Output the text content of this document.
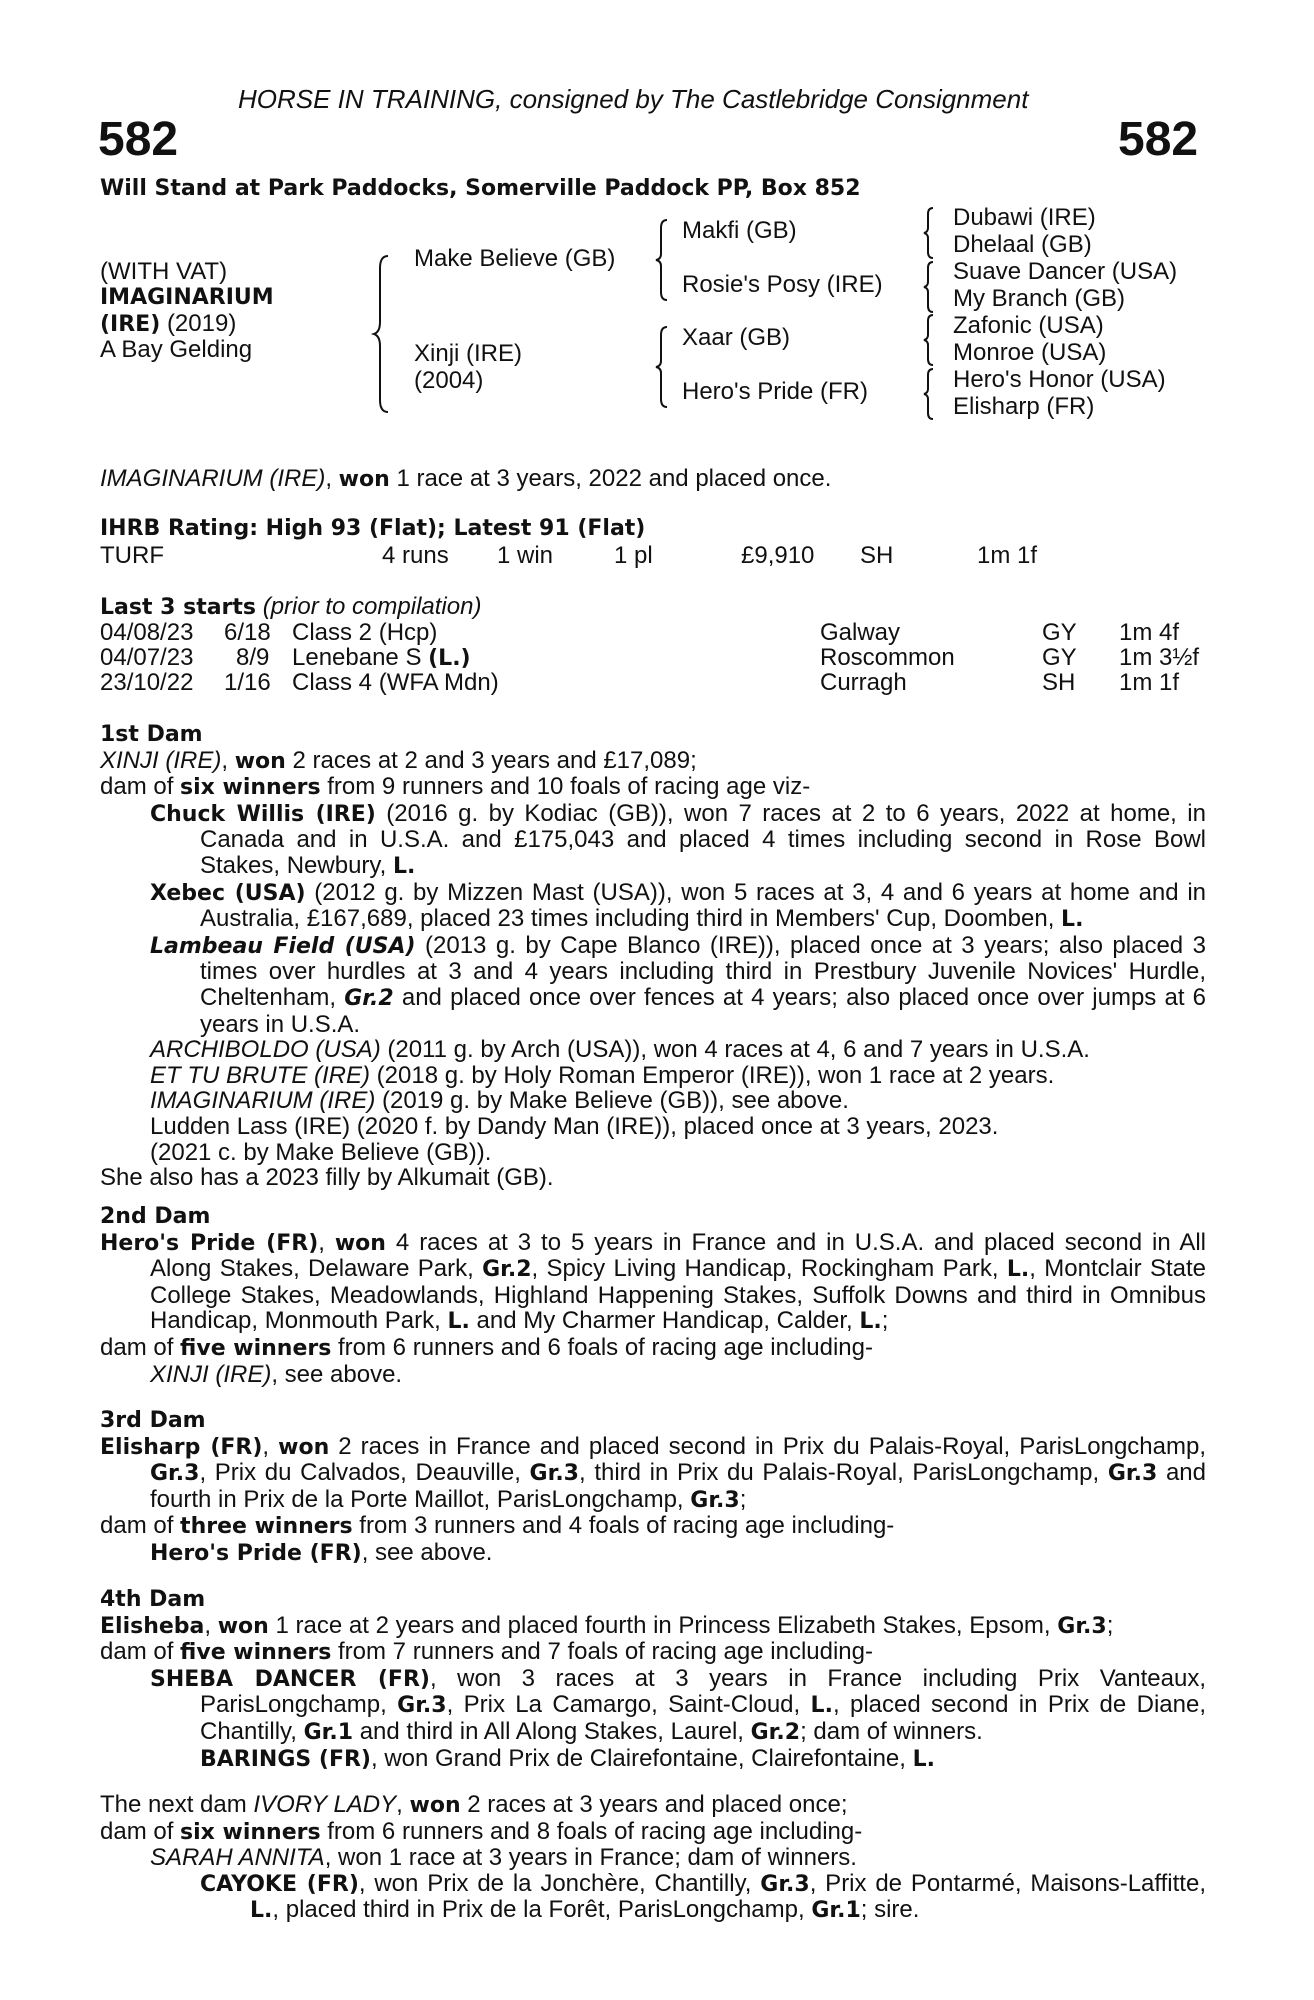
HORSE IN TRAINING, consigned by The Castlebridge Consignment
582	582
Will Stand at Park Paddocks, Somerville Paddock PP, Box 852
(WITH VAT)
IMAGINARIUM
(IRE) (2019)
A Bay Gelding
Make Believe (GB)
Xinji (IRE)
(2004)
Makfi (GB)
Rosie's Posy (IRE)
Xaar (GB)
Hero's Pride (FR)
Dubawi (IRE)
Dhelaal (GB)
Suave Dancer (USA)
My Branch (GB)
Zafonic (USA)
Monroe (USA)
Hero's Honor (USA)
Elisharp (FR)
IMAGINARIUM (IRE), won 1 race at 3 years, 2022 and placed once.
IHRB Rating: High 93 (Flat); Latest 91 (Flat)
TURF	4 runs 1 win	1 pl	£9,910 SH	1m 1f
Last 3 starts (prior to compilation)
04/08/23 6/18 Class 2 (Hcp)	Galway	GY 1m 4f
04/07/23 8/9 Lenebane S (L.)	Roscommon	GY 1m 3½f
23/10/22 1/16 Class 4 (WFA Mdn)	Curragh	SH 1m 1f
1st Dam
XINJI (IRE), won 2 races at 2 and 3 years and £17,089;
dam of six winners from 9 runners and 10 foals of racing age viz-
Chuck Willis (IRE) (2016 g. by Kodiac (GB)), won 7 races at 2 to 6 years, 2022 at home, in Canada and in U.S.A. and £175,043 and placed 4 times including second in Rose Bowl Stakes, Newbury, L.
Xebec (USA) (2012 g. by Mizzen Mast (USA)), won 5 races at 3, 4 and 6 years at home and in Australia, £167,689, placed 23 times including third in Members' Cup, Doomben, L.
Lambeau Field (USA) (2013 g. by Cape Blanco (IRE)), placed once at 3 years; also placed 3 times over hurdles at 3 and 4 years including third in Prestbury Juvenile Novices' Hurdle, Cheltenham, Gr.2 and placed once over fences at 4 years; also placed once over jumps at 6 years in U.S.A.
ARCHIBOLDO (USA) (2011 g. by Arch (USA)), won 4 races at 4, 6 and 7 years in U.S.A.
ET TU BRUTE (IRE) (2018 g. by Holy Roman Emperor (IRE)), won 1 race at 2 years.
IMAGINARIUM (IRE) (2019 g. by Make Believe (GB)), see above.
Ludden Lass (IRE) (2020 f. by Dandy Man (IRE)), placed once at 3 years, 2023.
(2021 c. by Make Believe (GB)).
She also has a 2023 filly by Alkumait (GB).
2nd Dam
Hero's Pride (FR), won 4 races at 3 to 5 years in France and in U.S.A. and placed second in All Along Stakes, Delaware Park, Gr.2, Spicy Living Handicap, Rockingham Park, L., Montclair State College Stakes, Meadowlands, Highland Happening Stakes, Suffolk Downs and third in Omnibus Handicap, Monmouth Park, L. and My Charmer Handicap, Calder, L.;
dam of five winners from 6 runners and 6 foals of racing age including-
XINJI (IRE), see above.
3rd Dam
Elisharp (FR), won 2 races in France and placed second in Prix du Palais-Royal, ParisLongchamp, Gr.3, Prix du Calvados, Deauville, Gr.3, third in Prix du Palais-Royal, ParisLongchamp, Gr.3 and fourth in Prix de la Porte Maillot, ParisLongchamp, Gr.3;
dam of three winners from 3 runners and 4 foals of racing age including-
Hero's Pride (FR), see above.
4th Dam
Elisheba, won 1 race at 2 years and placed fourth in Princess Elizabeth Stakes, Epsom, Gr.3;
dam of five winners from 7 runners and 7 foals of racing age including-
SHEBA DANCER (FR), won 3 races at 3 years in France including Prix Vanteaux, ParisLongchamp, Gr.3, Prix La Camargo, Saint-Cloud, L., placed second in Prix de Diane, Chantilly, Gr.1 and third in All Along Stakes, Laurel, Gr.2; dam of winners.
BARINGS (FR), won Grand Prix de Clairefontaine, Clairefontaine, L.
The next dam IVORY LADY, won 2 races at 3 years and placed once;
dam of six winners from 6 runners and 8 foals of racing age including-
SARAH ANNITA, won 1 race at 3 years in France; dam of winners.
CAYOKE (FR), won Prix de la Jonchère, Chantilly, Gr.3, Prix de Pontarmé, Maisons-Laffitte, L., placed third in Prix de la Forêt, ParisLongchamp, Gr.1; sire.
